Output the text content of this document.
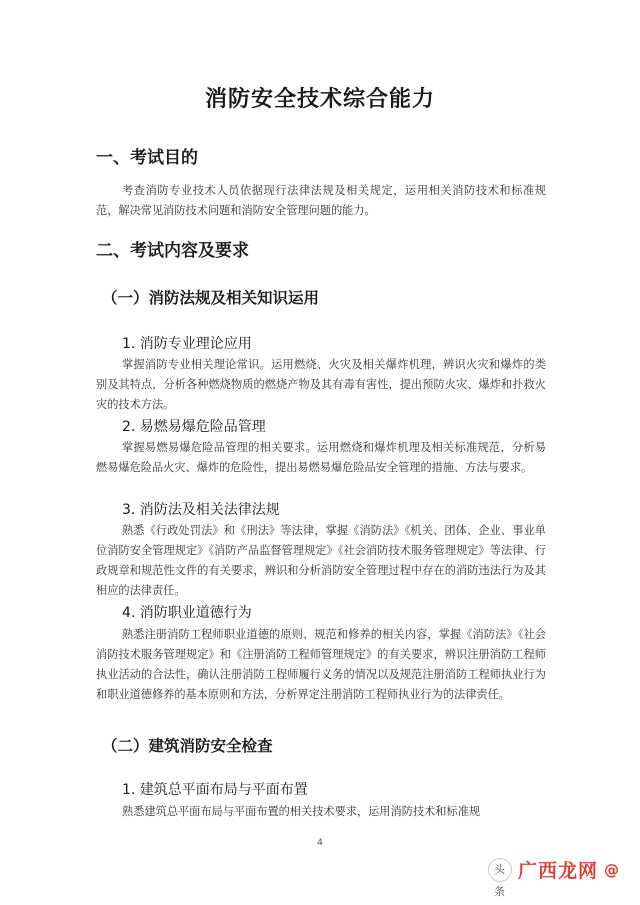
消防安全技术综合能力
一、考试目的

考查消防专业技术人员依据现行法律法规及相关规定，运用相关消防技术和标准规范，解决常见消防技术问题和消防安全管理问题的能力。

二、考试内容及要求
（一）消防法规及相关知识运用
1. 消防专业理论应用

掌握消防专业相关理论常识。运用燃烧、火灾及相关爆炸机理，辨识火灾和爆炸的类别及其特点，分析各种燃烧物质的燃烧产物及其有毒有害性，提出预防火灾、爆炸和扑救火灾的技术方法。

2. 易燃易爆危险品管理

掌握易燃易爆危险品管理的相关要求。运用燃烧和爆炸机理及相关标准规范，分析易燃易爆危险品火灾、爆炸的危险性，提出易燃易爆危险品安全管理的措施、方法与要求。

3. 消防法及相关法律法规

熟悉《行政处罚法》和《刑法》等法律，掌握《消防法》《机关、团体、企业、事业单位消防安全管理规定》《消防产品监督管理规定》《社会消防技术服务管理规定》等法律、行政规章和规范性文件的有关要求，辨识和分析消防安全管理过程中存在的消防违法行为及其相应的法律责任。

4. 消防职业道德行为

熟悉注册消防工程师职业道德的原则、规范和修养的相关内容，掌握《消防法》《社会消防技术服务管理规定》和《注册消防工程师管理规定》的有关要求，辨识注册消防工程师执业活动的合法性，确认注册消防工程师履行义务的情况以及规范注册消防工程师执业行为和职业道德修养的基本原则和方法，分析界定注册消防工程师执业行为的法律责任。

（二）建筑消防安全检查
1. 建筑总平面布局与平面布置

熟悉建筑总平面布局与平面布置的相关技术要求，运用消防技术和标准规

4
头条
广西龙网 @
